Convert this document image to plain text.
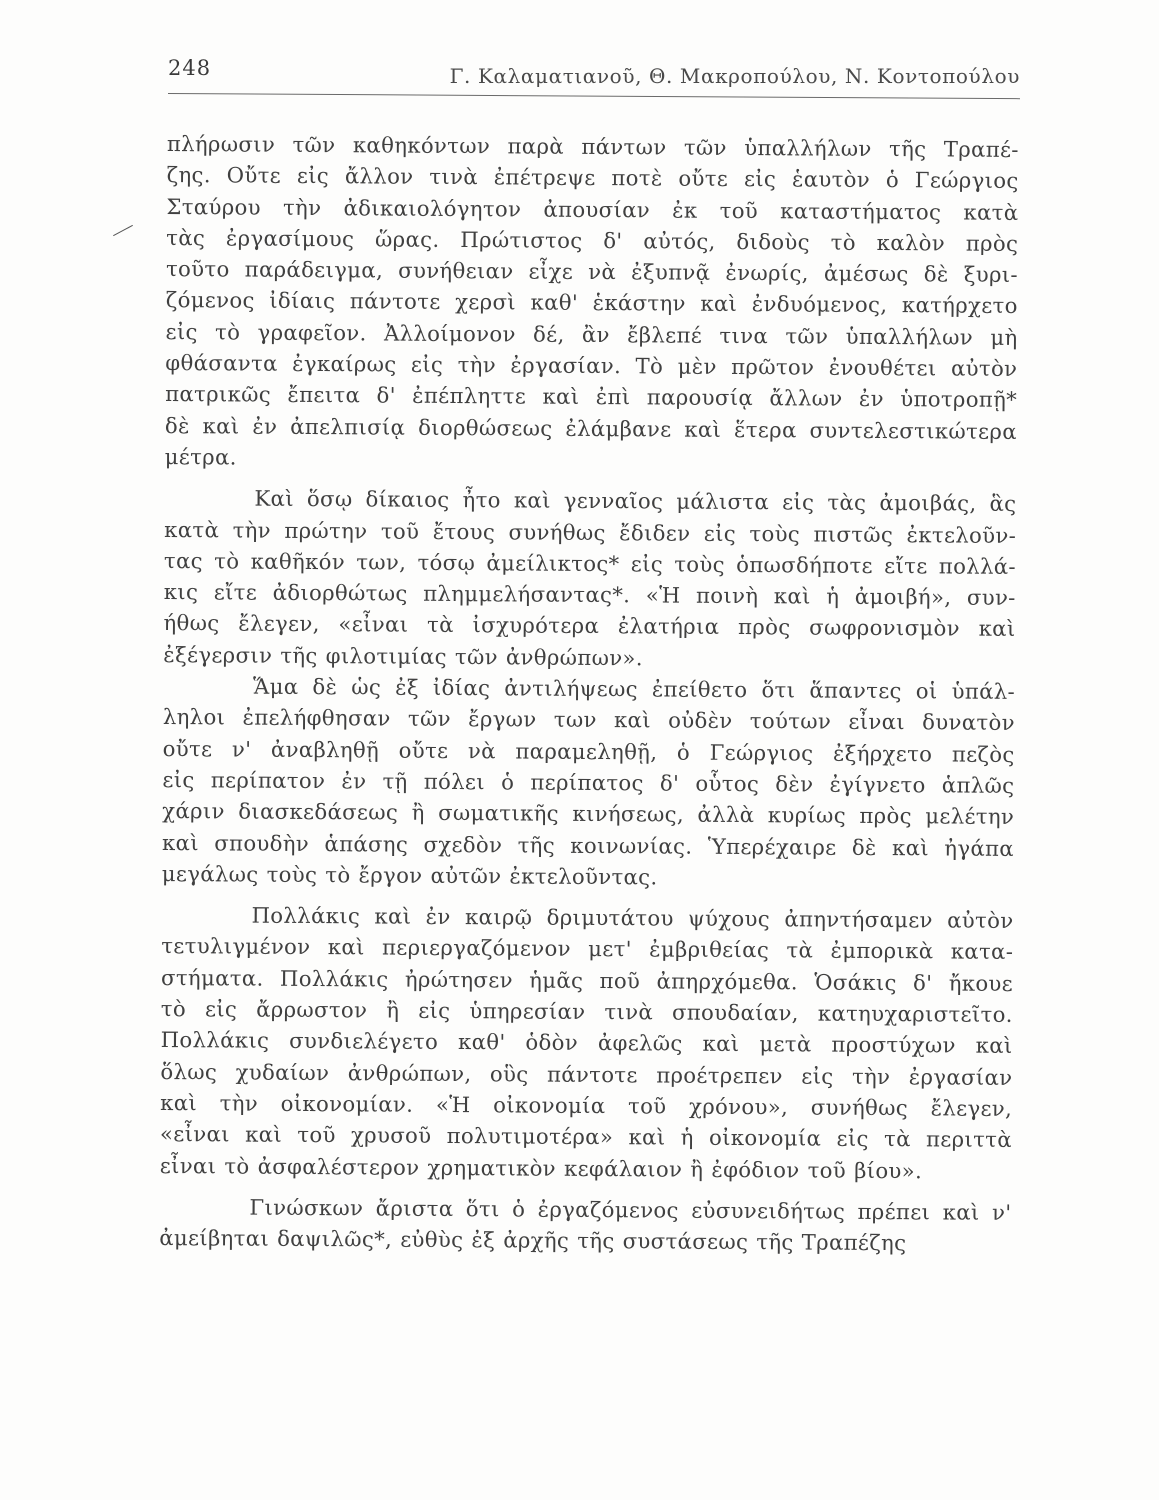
248	Γ. Καλαματιανοῦ, Θ. Μακροπούλου, Ν. Κοντοπούλου
πλήρωσιν τῶν καθηκόντων παρὰ πάντων τῶν ὑπαλλήλων τῆς Τραπέ-
ζης. Οὔτε εἰς ἄλλον τινὰ ἐπέτρεψε ποτὲ οὔτε εἰς ἑαυτὸν ὁ Γεώργιος
Σταύρου τὴν ἀδικαιολόγητον ἀπουσίαν ἐκ τοῦ καταστήματος κατὰ
τὰς ἐργασίμους ὥρας. Πρώτιστος δ' αὐτός, διδοὺς τὸ καλὸν πρὸς
τοῦτο παράδειγμα, συνήθειαν εἶχε νὰ ἐξυπνᾷ ἐνωρίς, ἀμέσως δὲ ξυρι-
ζόμενος ἰδίαις πάντοτε χερσὶ καθ' ἑκάστην καὶ ἐνδυόμενος, κατήρχετο
εἰς τὸ γραφεῖον. Ἀλλοίμονον δέ, ἂν ἔβλεπέ τινα τῶν ὑπαλλήλων μὴ
φθάσαντα ἐγκαίρως εἰς τὴν ἐργασίαν. Τὸ μὲν πρῶτον ἐνουθέτει αὐτὸν
πατρικῶς ἔπειτα δ' ἐπέπληττε καὶ ἐπὶ παρουσίᾳ ἄλλων ἐν ὑποτροπῇ*
δὲ καὶ ἐν ἀπελπισίᾳ διορθώσεως ἐλάμβανε καὶ ἕτερα συντελεστικώτερα
μέτρα.
Καὶ ὅσῳ δίκαιος ἦτο καὶ γενναῖος μάλιστα εἰς τὰς ἀμοιβάς, ἃς
κατὰ τὴν πρώτην τοῦ ἔτους συνήθως ἔδιδεν εἰς τοὺς πιστῶς ἐκτελοῦν-
τας τὸ καθῆκόν των, τόσῳ ἀμείλικτος* εἰς τοὺς ὁπωσδήποτε εἴτε πολλά-
κις εἴτε ἀδιορθώτως πλημμελήσαντας*. «Ἡ ποινὴ καὶ ἡ ἀμοιβή», συν-
ήθως ἔλεγεν, «εἶναι τὰ ἰσχυρότερα ἐλατήρια πρὸς σωφρονισμὸν καὶ
ἐξέγερσιν τῆς φιλοτιμίας τῶν ἀνθρώπων».
Ἅμα δὲ ὡς ἐξ ἰδίας ἀντιλήψεως ἐπείθετο ὅτι ἅπαντες οἱ ὑπάλ-
ληλοι ἐπελήφθησαν τῶν ἔργων των καὶ οὐδὲν τούτων εἶναι δυνατὸν
οὔτε ν' ἀναβληθῇ οὔτε νὰ παραμεληθῇ, ὁ Γεώργιος ἐξήρχετο πεζὸς
εἰς περίπατον ἐν τῇ πόλει ὁ περίπατος δ' οὗτος δὲν ἐγίγνετο ἁπλῶς
χάριν διασκεδάσεως ἢ σωματικῆς κινήσεως, ἀλλὰ κυρίως πρὸς μελέτην
καὶ σπουδὴν ἁπάσης σχεδὸν τῆς κοινωνίας. Ὑπερέχαιρε δὲ καὶ ἠγάπα
μεγάλως τοὺς τὸ ἔργον αὐτῶν ἐκτελοῦντας.
Πολλάκις καὶ ἐν καιρῷ δριμυτάτου ψύχους ἀπηντήσαμεν αὐτὸν
τετυλιγμένον καὶ περιεργαζόμενον μετ' ἐμβριθείας τὰ ἐμπορικὰ κατα-
στήματα. Πολλάκις ἠρώτησεν ἡμᾶς ποῦ ἀπηρχόμεθα. Ὁσάκις δ' ἤκουε
τὸ εἰς ἄρρωστον ἢ εἰς ὑπηρεσίαν τινὰ σπουδαίαν, κατηυχαριστεῖτο.
Πολλάκις συνδιελέγετο καθ' ὁδὸν ἀφελῶς καὶ μετὰ προστύχων καὶ
ὅλως χυδαίων ἀνθρώπων, οὓς πάντοτε προέτρεπεν εἰς τὴν ἐργασίαν
καὶ τὴν οἰκονομίαν. «Ἡ οἰκονομία τοῦ χρόνου», συνήθως ἔλεγεν,
«εἶναι καὶ τοῦ χρυσοῦ πολυτιμοτέρα» καὶ ἡ οἰκονομία εἰς τὰ περιττὰ
εἶναι τὸ ἀσφαλέστερον χρηματικὸν κεφάλαιον ἢ ἐφόδιον τοῦ βίου».
Γινώσκων ἄριστα ὅτι ὁ ἐργαζόμενος εὐσυνειδήτως πρέπει καὶ ν'
ἀμείβηται δαψιλῶς*, εὐθὺς ἐξ ἀρχῆς τῆς συστάσεως τῆς Τραπέζης
